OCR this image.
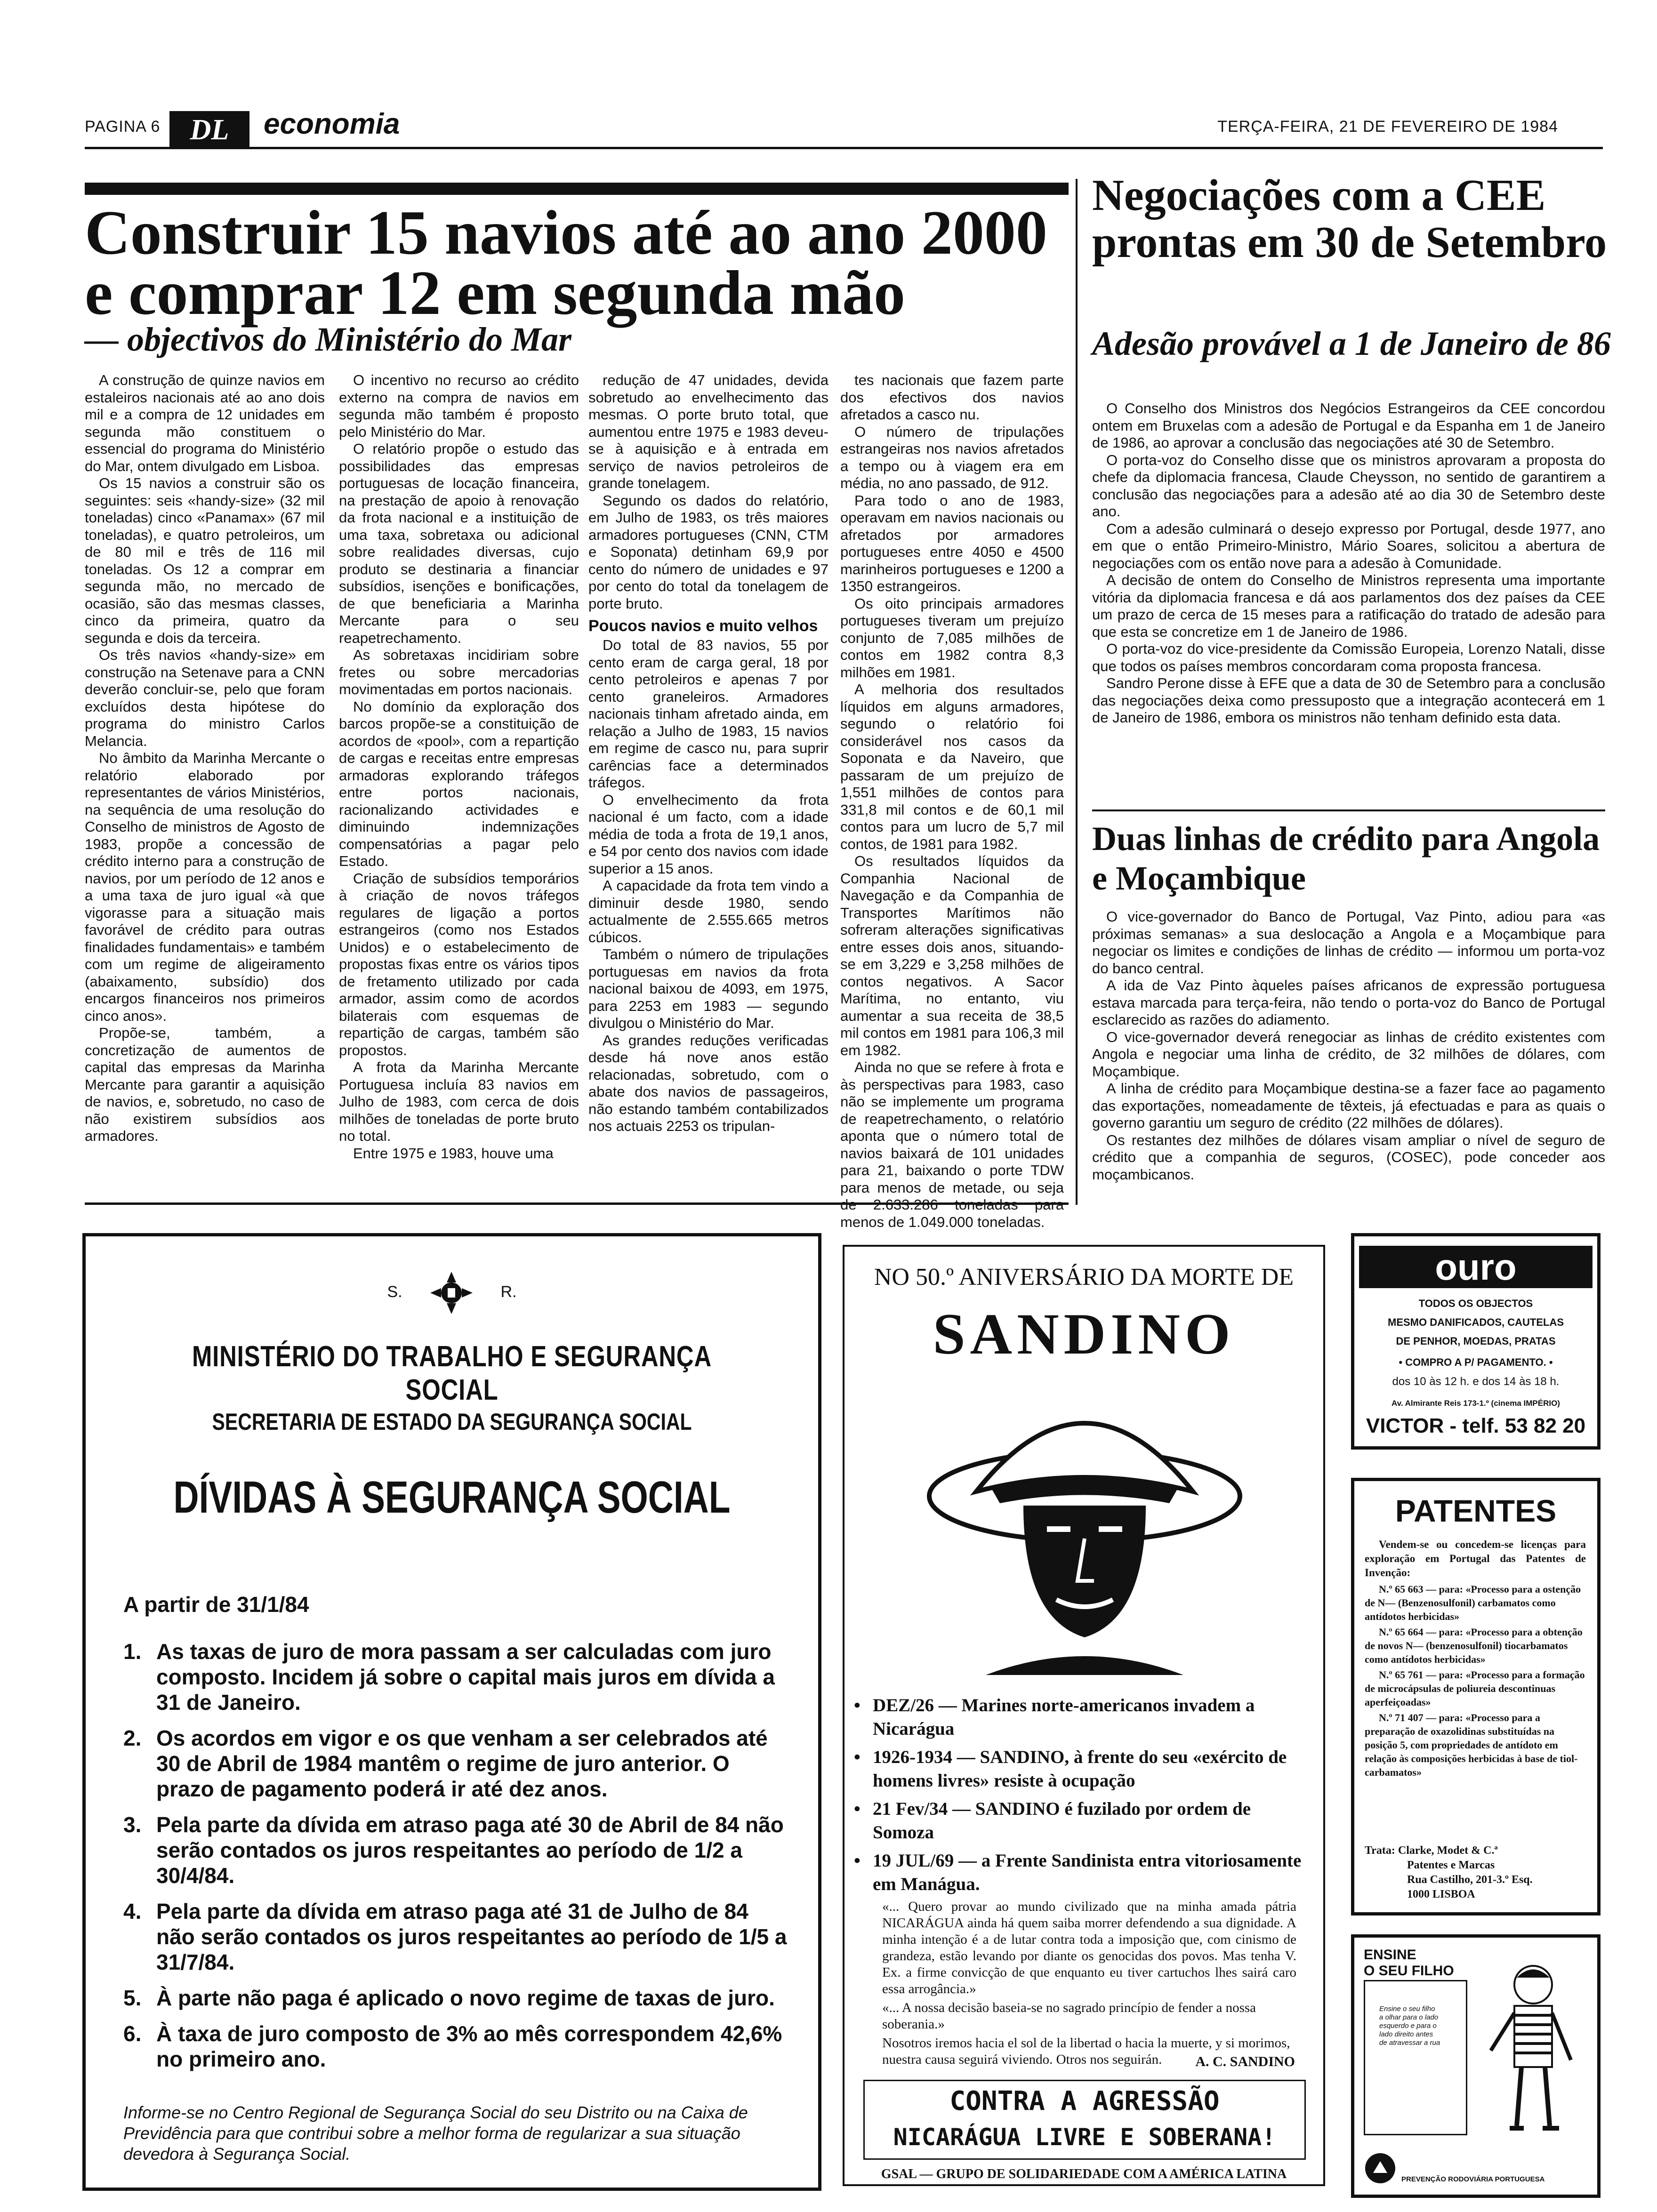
PAGINA 6	DL	economia	TERÇA-FEIRA, 21 DE FEVEREIRO DE 1984
Construir 15 navios até ao ano 2000 e comprar 12 em segunda mão
— objectivos do Ministério do Mar

A construção de quinze navios em estaleiros nacionais até ao ano dois mil e a compra de 12 unidades em segunda mão constituem o essencial do programa do Ministério do Mar, ontem divulgado em Lisboa.

Os 15 navios a construir são os seguintes: seis «handy-size» (32 mil toneladas) cinco «Panamax» (67 mil toneladas), e quatro petroleiros, um de 80 mil e três de 116 mil toneladas. Os 12 a comprar em segunda mão, no mercado de ocasião, são das mesmas classes, cinco da primeira, quatro da segunda e dois da terceira.

Os três navios «handy-size» em construção na Setenave para a CNN deverão concluir-se, pelo que foram excluídos desta hipótese do programa do ministro Carlos Melancia.

No âmbito da Marinha Mercante o relatório elaborado por representantes de vários Ministérios, na sequência de uma resolução do Conselho de ministros de Agosto de 1983, propõe a concessão de crédito interno para a construção de navios, por um período de 12 anos e a uma taxa de juro igual «à que vigorasse para a situação mais favorável de crédito para outras finalidades fundamentais» e também com um regime de aligeiramento (abaixamento, subsídio) dos encargos financeiros nos primeiros cinco anos».

Propõe-se, também, a concretização de aumentos de capital das empresas da Marinha Mercante para garantir a aquisição de navios, e, sobretudo, no caso de não existirem subsídios aos armadores.

O incentivo no recurso ao crédito externo na compra de navios em segunda mão também é proposto pelo Ministério do Mar.

O relatório propõe o estudo das possibilidades das empresas portuguesas de locação financeira, na prestação de apoio à renovação da frota nacional e a instituição de uma taxa, sobretaxa ou adicional sobre realidades diversas, cujo produto se destinaria a financiar subsídios, isenções e bonificações, de que beneficiaria a Marinha Mercante para o seu reapetrechamento.

As sobretaxas incidiriam sobre fretes ou sobre mercadorias movimentadas em portos nacionais.

No domínio da exploração dos barcos propõe-se a constituição de acordos de «pool», com a repartição de cargas e receitas entre empresas armadoras explorando tráfegos entre portos nacionais, racionalizando actividades e diminuindo indemnizações compensatórias a pagar pelo Estado.

Criação de subsídios temporários à criação de novos tráfegos regulares de ligação a portos estrangeiros (como nos Estados Unidos) e o estabelecimento de propostas fixas entre os vários tipos de fretamento utilizado por cada armador, assim como de acordos bilaterais com esquemas de repartição de cargas, também são propostos.

A frota da Marinha Mercante Portuguesa incluía 83 navios em Julho de 1983, com cerca de dois milhões de toneladas de porte bruto no total.

Entre 1975 e 1983, houve uma

redução de 47 unidades, devida sobretudo ao envelhecimento das mesmas. O porte bruto total, que aumentou entre 1975 e 1983 deveu-se à aquisição e à entrada em serviço de navios petroleiros de grande tonelagem.

Segundo os dados do relatório, em Julho de 1983, os três maiores armadores portugueses (CNN, CTM e Soponata) detinham 69,9 por cento do número de unidades e 97 por cento do total da tonelagem de porte bruto.

Poucos navios e muito velhos

Do total de 83 navios, 55 por cento eram de carga geral, 18 por cento petroleiros e apenas 7 por cento graneleiros. Armadores nacionais tinham afretado ainda, em relação a Julho de 1983, 15 navios em regime de casco nu, para suprir carências face a determinados tráfegos.

O envelhecimento da frota nacional é um facto, com a idade média de toda a frota de 19,1 anos, e 54 por cento dos navios com idade superior a 15 anos.

A capacidade da frota tem vindo a diminuir desde 1980, sendo actualmente de 2.555.665 metros cúbicos.

Também o número de tripulações portuguesas em navios da frota nacional baixou de 4093, em 1975, para 2253 em 1983 — segundo divulgou o Ministério do Mar.

As grandes reduções verificadas desde há nove anos estão relacionadas, sobretudo, com o abate dos navios de passageiros, não estando também contabilizados nos actuais 2253 os tripulan-

tes nacionais que fazem parte dos efectivos dos navios afretados a casco nu.

O número de tripulações estrangeiras nos navios afretados a tempo ou à viagem era em média, no ano passado, de 912.

Para todo o ano de 1983, operavam em navios nacionais ou afretados por armadores portugueses entre 4050 e 4500 marinheiros portugueses e 1200 a 1350 estrangeiros.

Os oito principais armadores portugueses tiveram um prejuízo conjunto de 7,085 milhões de contos em 1982 contra 8,3 milhões em 1981.

A melhoria dos resultados líquidos em alguns armadores, segundo o relatório foi considerável nos casos da Soponata e da Naveiro, que passaram de um prejuízo de 1,551 milhões de contos para 331,8 mil contos e de 60,1 mil contos para um lucro de 5,7 mil contos, de 1981 para 1982.

Os resultados líquidos da Companhia Nacional de Navegação e da Companhia de Transportes Marítimos não sofreram alterações significativas entre esses dois anos, situando-se em 3,229 e 3,258 milhões de contos negativos. A Sacor Marítima, no entanto, viu aumentar a sua receita de 38,5 mil contos em 1981 para 106,3 mil em 1982.

Ainda no que se refere à frota e às perspectivas para 1983, caso não se implemente um programa de reapetrechamento, o relatório aponta que o número total de navios baixará de 101 unidades para 21, baixando o porte TDW para menos de metade, ou seja menos de 1.049.000 toneladas.

Negociações com a CEE prontas em 30 de Setembro
Adesão provável a 1 de Janeiro de 86

O Conselho dos Ministros dos Negócios Estrangeiros da CEE concordou ontem em Bruxelas com a adesão de Portugal e da Espanha em 1 de Janeiro de 1986, ao aprovar a conclusão das negociações até 30 de Setembro.

O porta-voz do Conselho disse que os ministros aprovaram a proposta do chefe da diplomacia francesa, Claude Cheysson, no sentido de garantirem a conclusão das negociações para a adesão até ao dia 30 de Setembro deste ano.

Com a adesão culminará o desejo expresso por Portugal, desde 1977, ano em que o então Primeiro-Ministro, Mário Soares, solicitou a abertura de negociações com os então nove para a adesão à Comunidade.

A decisão de ontem do Conselho de Ministros representa uma importante vitória da diplomacia francesa e dá aos parlamentos dos dez países da CEE um prazo de cerca de 15 meses para a ratificação do tratado de adesão para que esta se concretize em 1 de Janeiro de 1986.

O porta-voz do vice-presidente da Comissão Europeia, Lorenzo Natali, disse que todos os países membros concordaram coma proposta francesa.

Sandro Perone disse à EFE que a data de 30 de Setembro para a conclusão das negociações deixa como pressuposto que a integração acontecerá em 1 de Janeiro de 1986, embora os ministros não tenham definido esta data.

Duas linhas de crédito para Angola e Moçambique

O vice-governador do Banco de Portugal, Vaz Pinto, adiou para «as próximas semanas» a sua deslocação a Angola e a Moçambique para negociar os limites e condições de linhas de crédito — informou um porta-voz do banco central.

A ida de Vaz Pinto àqueles países africanos de expressão portuguesa estava marcada para terça-feira, não tendo o porta-voz do Banco de Portugal esclarecido as razões do adiamento.

O vice-governador deverá renegociar as linhas de crédito existentes com Angola e negociar uma linha de crédito, de 32 milhões de dólares, com Moçambique.

A linha de crédito para Moçambique destina-se a fazer face ao pagamento das exportações, nomeadamente de têxteis, já efectuadas e para as quais o governo garantiu um seguro de crédito (22 milhões de dólares).

Os restantes dez milhões de dólares visam ampliar o nível de seguro de crédito que a companhia de seguros, (COSEC), pode conceder aos moçambicanos.

S.	R.
MINISTÉRIO DO TRABALHO E SEGURANÇA SOCIAL
SECRETARIA DE ESTADO DA SEGURANÇA SOCIAL
DÍVIDAS À SEGURANÇA SOCIAL
A partir de 31/1/84
1. As taxas de juro de mora passam a ser calculadas com juro composto. Incidem já sobre o capital mais juros em dívida a 31 de Janeiro.
2. Os acordos em vigor e os que venham a ser celebrados até 30 de Abril de 1984 mantêm o regime de juro anterior. O prazo de pagamento poderá ir até dez anos.
3. Pela parte da dívida em atraso paga até 30 de Abril de 84 não serão contados os juros respeitantes ao período de 1/2 a 30/4/84.
4. Pela parte da dívida em atraso paga até 31 de Julho de 84 não serão contados os juros respeitantes ao período de 1/5 a 31/7/84.
5. À parte não paga é aplicado o novo regime de taxas de juro.
6. À taxa de juro composto de 3% ao mês correspondem 42,6% no primeiro ano.
Informe-se no Centro Regional de Segurança Social do seu Distrito ou na Caixa de Previdência para que contribui sobre a melhor forma de regularizar a sua situação devedora à Segurança Social.
NO 50.º ANIVERSÁRIO DA MORTE DE
SANDINO
• DEZ/26 — Marines norte-americanos invadem a Nicarágua
• 1926-1934 — SANDINO, à frente do seu «exército de homens livres» resiste à ocupação
• 21 Fev/34 — SANDINO é fuzilado por ordem de Somoza
• 19 JUL/69 — a Frente Sandinista entra vitoriosamente em Manágua.
«... Quero provar ao mundo civilizado que na minha amada pátria NICARÁGUA ainda há quem saiba morrer defendendo a sua dignidade. A minha intenção é a de lutar contra toda a imposição que, com cinismo de grandeza, estão levando por diante os genocidas dos povos. Mas tenha V. Ex. a firme convicção de que enquanto eu tiver cartuchos lhes sairá caro essa arrogância.»
«... A nossa decisão baseia-se no sagrado princípio de fender a nossa soberania.»
Nosotros iremos hacia el sol de la libertad o hacia la muerte, y si morimos, nuestra causa seguirá viviendo. Otros nos seguirán.	A. C. SANDINO
CONTRA A AGRESSÃO
NICARÁGUA LIVRE E SOBERANA!
GSAL — GRUPO DE SOLIDARIEDADE COM A AMÉRICA LATINA
ouro
TODOS OS OBJECTOS
MESMO DANIFICADOS, CAUTELAS
DE PENHOR, MOEDAS, PRATAS
• COMPRO A P/ PAGAMENTO. •
dos 10 às 12 h. e dos 14 às 18 h.
Av. Almirante Reis 173-1.º (cinema IMPÉRIO)
VICTOR - telf. 53 82 20
PATENTES
Vendem-se ou concedem-se licenças para exploração em Portugal das Patentes de Invenção:
N.º 65 663 — para: «Processo para a ostenção de N— (Benzenosulfonil) carbamatos como antídotos herbicidas»
N.º 65 664 — para: «Processo para a obtenção de novos N— (benzenosulfonil) tiocarbamatos como antídotos herbicidas»
N.º 65 761 — para: «Processo para a formação de microcápsulas de poliureia descontinuas aperfeiçoadas»
N.º 71 407 — para: «Processo para a preparação de oxazolidinas substituídas na posição 5, com propriedades de antídoto em relação às composições herbicidas à base de tiol-carbamatos»
Trata: Clarke, Modet & C.ª
Patentes e Marcas
Rua Castilho, 201-3.º Esq.
1000 LISBOA
ENSINE
O SEU FILHO
Ensine o seu filho a olhar para o lado esquerdo e para o lado direito antes de atravessar a rua
PREVENÇÃO RODOVIÁRIA PORTUGUESA
